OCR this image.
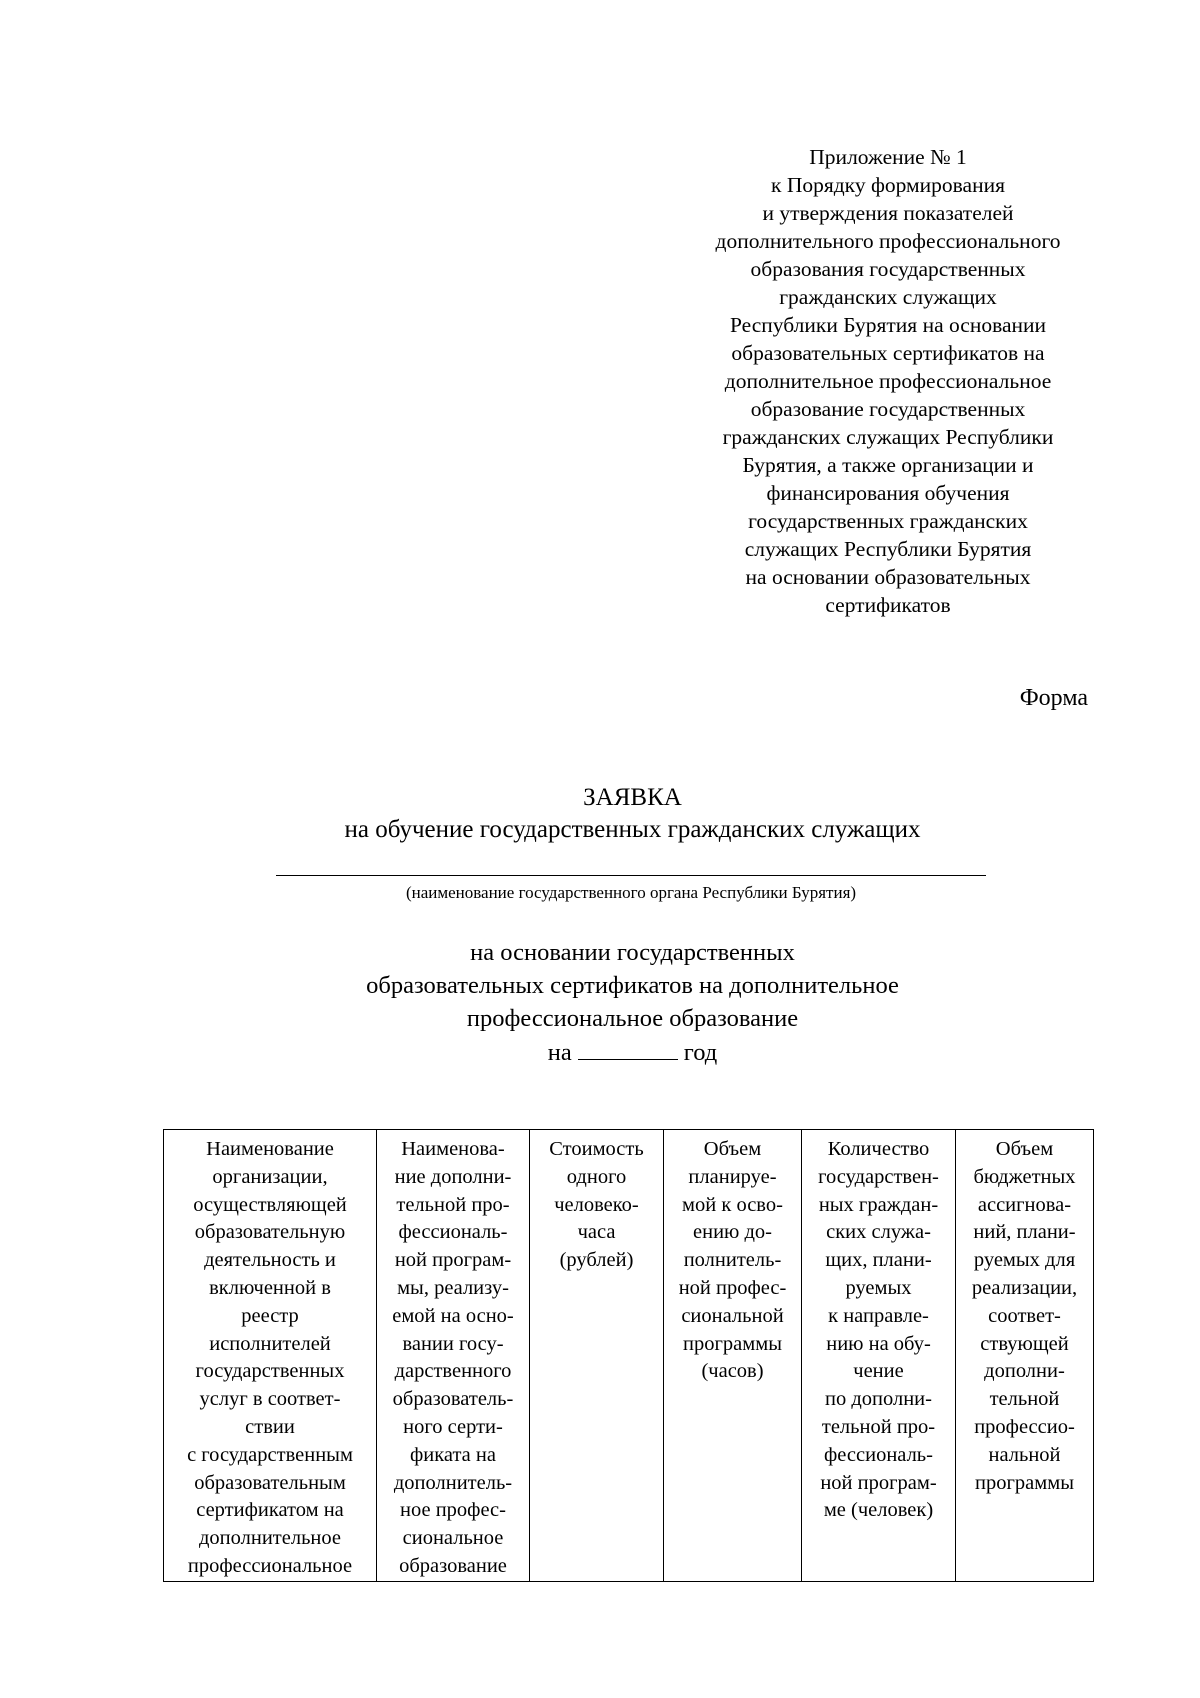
Приложение № 1
к Порядку формирования
и утверждения показателей
дополнительного профессионального
образования государственных
гражданских служащих
Республики Бурятия на основании
образовательных сертификатов на
дополнительное профессиональное
образование государственных
гражданских служащих Республики
Бурятия, а также организации и
финансирования обучения
государственных гражданских
служащих Республики Бурятия
на основании образовательных
сертификатов
Форма
ЗАЯВКА
на обучение государственных гражданских служащих
(наименование государственного органа Республики Бурятия)
на основании государственных
образовательных сертификатов на дополнительное
профессиональное образование
на	год
Наименование
организации,
осуществляющей
образовательную
деятельность и
включенной в
реестр
исполнителей
государственных
услуг в соответ-
ствии
с государственным
образовательным
сертификатом на
дополнительное
профессиональное

Наименова-
ние дополни-
тельной про-
фессиональ-
ной програм-
мы, реализу-
емой на осно-
вании госу-
дарственного
образователь-
ного серти-
фиката на
дополнитель-
ное профес-
сиональное
образование

Стоимость
одного
человеко-
часа
(рублей)

Объем
планируе-
мой к осво-
ению до-
полнитель-
ной профес-
сиональной
программы
(часов)

Количество
государствен-
ных граждан-
ских служа-
щих, плани-
руемых
к направле-
нию на обу-
чение
по дополни-
тельной про-
фессиональ-
ной програм-
ме (человек)

Объем
бюджетных
ассигнова-
ний, плани-
руемых для
реализации,
соответ-
ствующей
дополни-
тельной
профессио-
нальной
программы
